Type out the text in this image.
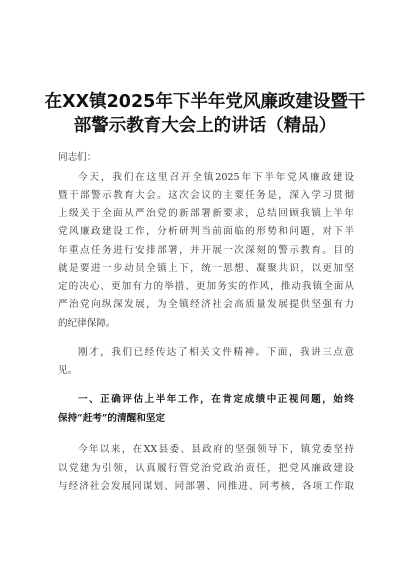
在XX镇2025年下半年党风廉政建设暨干
部警示教育大会上的讲话（精品）
同志们：
今天，我们在这里召开全镇2025年下半年党风廉政建设
暨干部警示教育大会。这次会议的主要任务是，深入学习贯彻
上级关于全面从严治党的新部署新要求，总结回顾我镇上半年
党风廉政建设工作，分析研判当前面临的形势和问题，对下半
年重点任务进行安排部署，并开展一次深刻的警示教育。目的
就是要进一步动员全镇上下，统一思想、凝聚共识，以更加坚
定的决心、更加有力的举措、更加务实的作风，推动我镇全面从
严治党向纵深发展，为全镇经济社会高质量发展提供坚强有力
的纪律保障。
刚才，我们已经传达了相关文件精神。下面，我讲三点意
见。
一、正确评估上半年工作，在肯定成绩中正视问题，始终
保持“赶考”的清醒和坚定
今年以来，在XX县委、县政府的坚强领导下，镇党委坚持
以党建为引领，认真履行管党治党政治责任，把党风廉政建设
与经济社会发展同谋划、同部署、同推进、同考核，各项工作取
